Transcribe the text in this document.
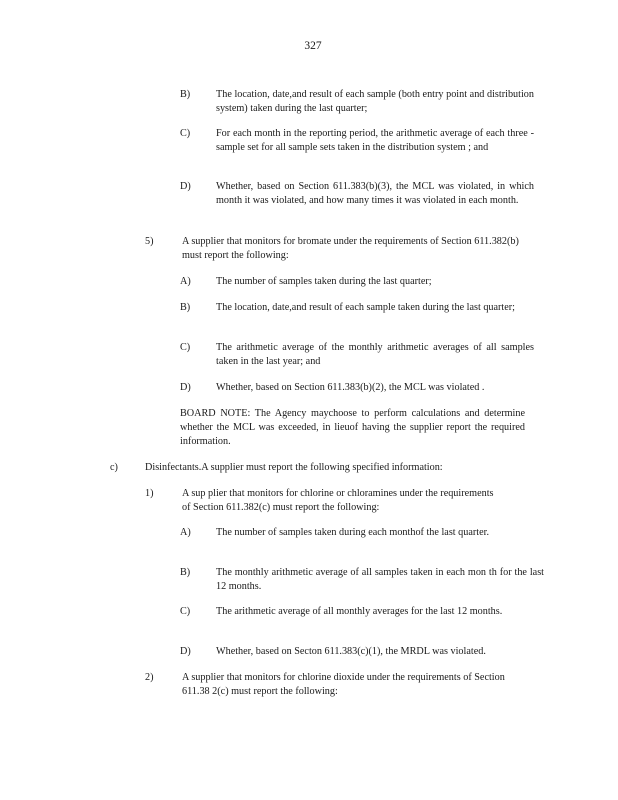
327
B)	The location, date,and result of each sample (both entry point and distribution system) taken during the last quarter;
C)	For each month in the reporting period, the arithmetic average of each three -sample set for all sample sets taken in the distribution system ; and
D) Whether, based on Section 611.383(b)(3), the MCL was violated, in which month it was violated, and how many times it was violated in each month.
5)	A supplier that monitors for bromate under the requirements of Section 611.382(b) must report the following:
A) The number of samples taken during the last quarter;
B)	The location, date,and result of each sample taken during the last quarter;
C)	The arithmetic average of the monthly arithmetic averages of all samples taken in the last year; and
D) Whether, based on Section 611.383(b)(2), the MCL was violated .
BOARD NOTE: The Agency maychoose to perform calculations and determine whether the MCL was exceeded, in lieuof having the supplier report the required information.
c)	Disinfectants.A supplier must report the following specified information:
1)	A sup plier that monitors for chlorine or chloramines under the requirements of Section 611.382(c) must report the following:
A) The number of samples taken during each monthof the last quarter.
B)	The monthly arithmetic average of all samples taken in each mon th for the last 12 months.
C)	The arithmetic average of all monthly averages for the last 12 months.
D) Whether, based on Secton 611.383(c)(1), the MRDL was violated.
2)	A supplier that monitors for chlorine dioxide under the requirements of Section 611.38 2(c) must report the following:
